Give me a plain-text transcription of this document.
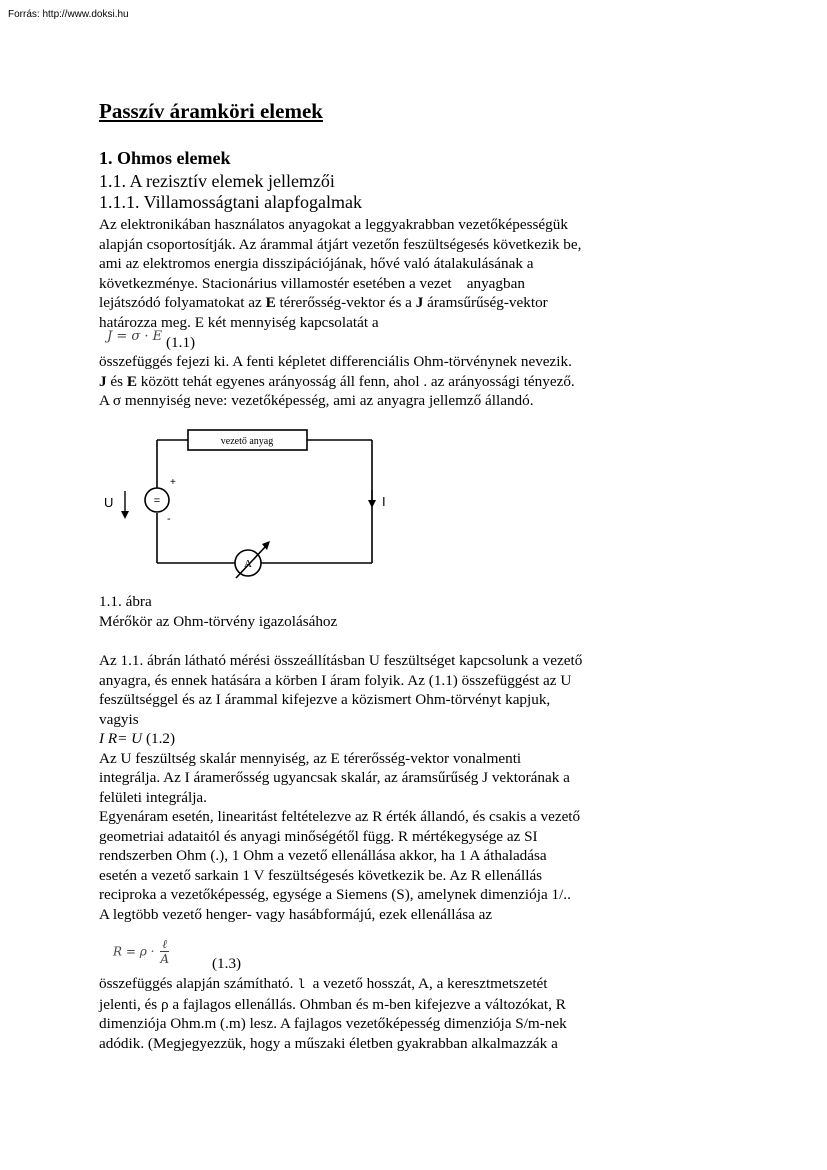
Forrás: http://www.doksi.hu
Passzív áramköri elemek
1. Ohmos elemek
1.1. A rezisztív elemek jellemzői
1.1.1. Villamosságtani alapfogalmak
Az elektronikában használatos anyagokat a leggyakrabban vezetőképességük
alapján csoportosítják. Az árammal átjárt vezetőn feszültségesés következik be,
ami az elektromos energia disszipációjának, hővé való átalakulásának a
következménye. Stacionárius villamostér esetében a vezet    anyagban
lejátszódó folyamatokat az E térerősség-vektor és a J áramsűrűség-vektor
határozza meg. E két mennyiség kapcsolatát a
J = σ · E (1.1)
összefüggés fejezi ki. A fenti képletet differenciális Ohm-törvénynek nevezik.
J és E között tehát egyenes arányosság áll fenn, ahol . az arányossági tényező.
A σ mennyiség neve: vezetőképesség, ami az anyagra jellemző állandó.
vezető anyag
=
A
+
-
U	I
1.1. ábra
Mérőkör az Ohm-törvény igazolásához
Az 1.1. ábrán látható mérési összeállításban U feszültséget kapcsolunk a vezető
anyagra, és ennek hatására a körben I áram folyik. Az (1.1) összefüggést az U
feszültséggel és az I árammal kifejezve a közismert Ohm-törvényt kapjuk,
vagyis
I R= U (1.2)
Az U feszültség skalár mennyiség, az E térerősség-vektor vonalmenti
integrálja. Az I áramerősség ugyancsak skalár, az áramsűrűség J vektorának a
felületi integrálja.
Egyenáram esetén, linearitást feltételezve az R érték állandó, és csakis a vezető
geometriai adataitól és anyagi minőségétől függ. R mértékegysége az SI
rendszerben Ohm (.), 1 Ohm a vezető ellenállása akkor, ha 1 A áthaladása
esetén a vezető sarkain 1 V feszültségesés következik be. Az R ellenállás
reciproka a vezetőképesség, egysége a Siemens (S), amelynek dimenziója 1/..
A legtöbb vezető henger- vagy hasábformájú, ezek ellenállása az
R = ρ ·
ℓ
A	(1.3)
összefüggés alapján számítható. l  a vezető hosszát, A, a keresztmetszetét
jelenti, és ρ a fajlagos ellenállás. Ohmban és m-ben kifejezve a változókat, R
dimenziója Ohm.m (.m) lesz. A fajlagos vezetőképesség dimenziója S/m-nek
adódik. (Megjegyezzük, hogy a műszaki életben gyakrabban alkalmazzák a
